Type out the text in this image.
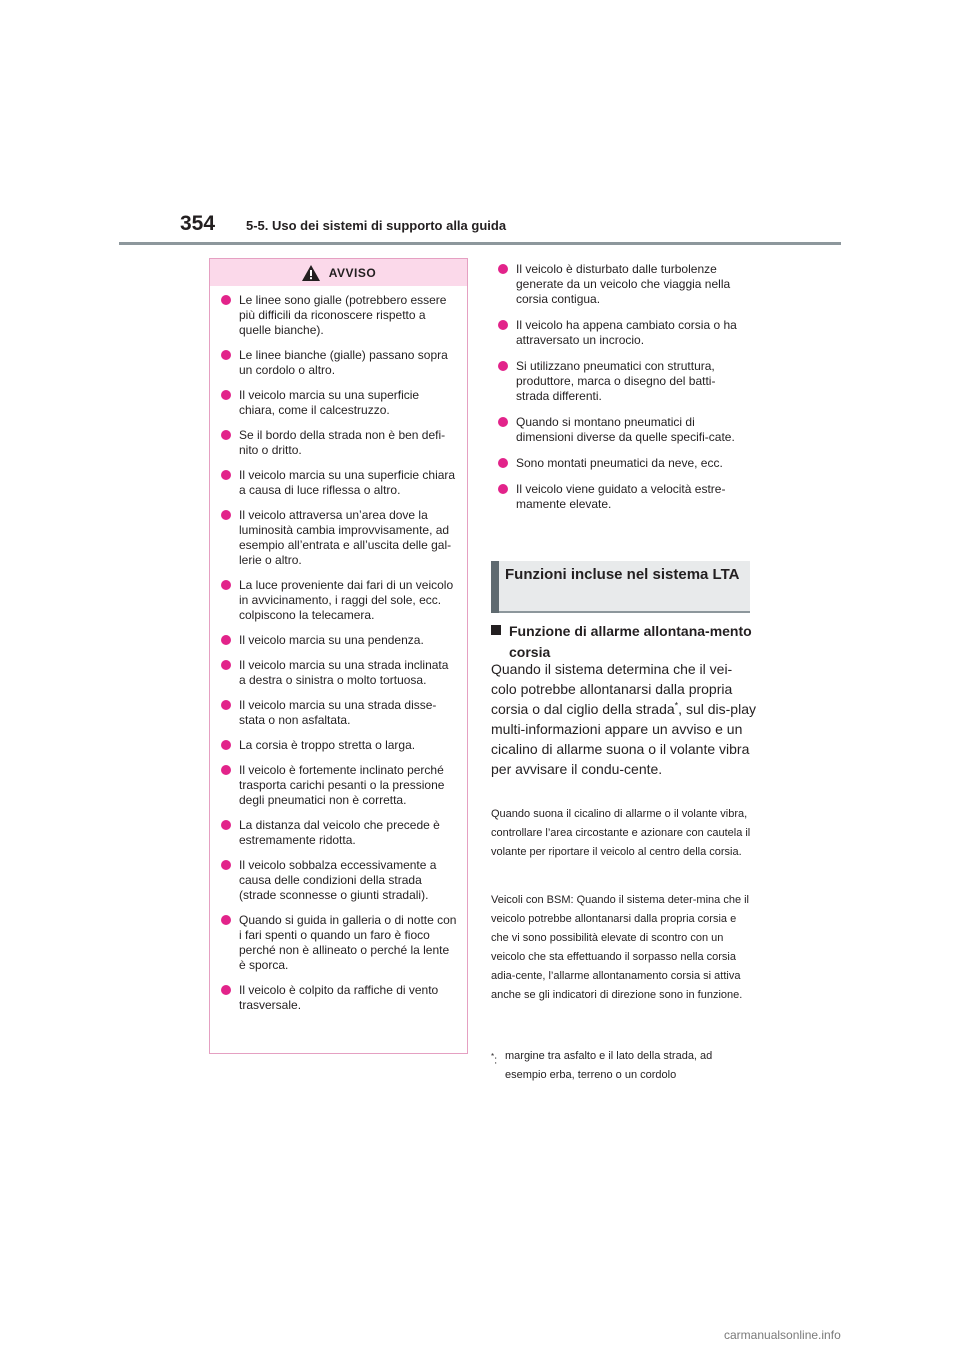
354 5-5. Uso dei sistemi di supporto alla guida
AVVISO
Le linee sono gialle (potrebbero essere più difficili da riconoscere rispetto a quelle bianche).
Le linee bianche (gialle) passano sopra un cordolo o altro.
Il veicolo marcia su una superficie chiara, come il calcestruzzo.
Se il bordo della strada non è ben defi-nito o dritto.
Il veicolo marcia su una superficie chiara a causa di luce riflessa o altro.
Il veicolo attraversa un’area dove la luminosità cambia improvvisamente, ad esempio all’entrata e all’uscita delle gal-lerie o altro.
La luce proveniente dai fari di un veicolo in avvicinamento, i raggi del sole, ecc. colpiscono la telecamera.
Il veicolo marcia su una pendenza.
Il veicolo marcia su una strada inclinata a destra o sinistra o molto tortuosa.
Il veicolo marcia su una strada disse-stata o non asfaltata.
La corsia è troppo stretta o larga.
Il veicolo è fortemente inclinato perché trasporta carichi pesanti o la pressione degli pneumatici non è corretta.
La distanza dal veicolo che precede è estremamente ridotta.
Il veicolo sobbalza eccessivamente a causa delle condizioni della strada (strade sconnesse o giunti stradali).
Quando si guida in galleria o di notte con i fari spenti o quando un faro è fioco perché non è allineato o perché la lente è sporca.
Il veicolo è colpito da raffiche di vento trasversale.
Il veicolo è disturbato dalle turbolenze generate da un veicolo che viaggia nella corsia contigua.
Il veicolo ha appena cambiato corsia o ha attraversato un incrocio.
Si utilizzano pneumatici con struttura, produttore, marca o disegno del batti-strada differenti.
Quando si montano pneumatici di dimensioni diverse da quelle specifi-cate.
Sono montati pneumatici da neve, ecc.
Il veicolo viene guidato a velocità estre-mamente elevate.
Funzioni incluse nel sistema LTA
Funzione di allarme allontana-mento corsia

Quando il sistema determina che il vei-colo potrebbe allontanarsi dalla propria corsia o dal ciglio della strada*, sul dis-play multi-informazioni appare un avviso e un cicalino di allarme suona o il volante vibra per avvisare il condu-cente.

Quando suona il cicalino di allarme o il volante vibra, controllare l’area circostante e azionare con cautela il volante per riportare il veicolo al centro della corsia.

Veicoli con BSM: Quando il sistema deter-mina che il veicolo potrebbe allontanarsi dalla propria corsia e che vi sono possibilità elevate di scontro con un veicolo che sta effettuando il sorpasso nella corsia adia-cente, l’allarme allontanamento corsia si attiva anche se gli indicatori di direzione sono in funzione.

*: margine tra asfalto e il lato della strada, ad esempio erba, terreno o un cordolo
carmanualsonline.info
